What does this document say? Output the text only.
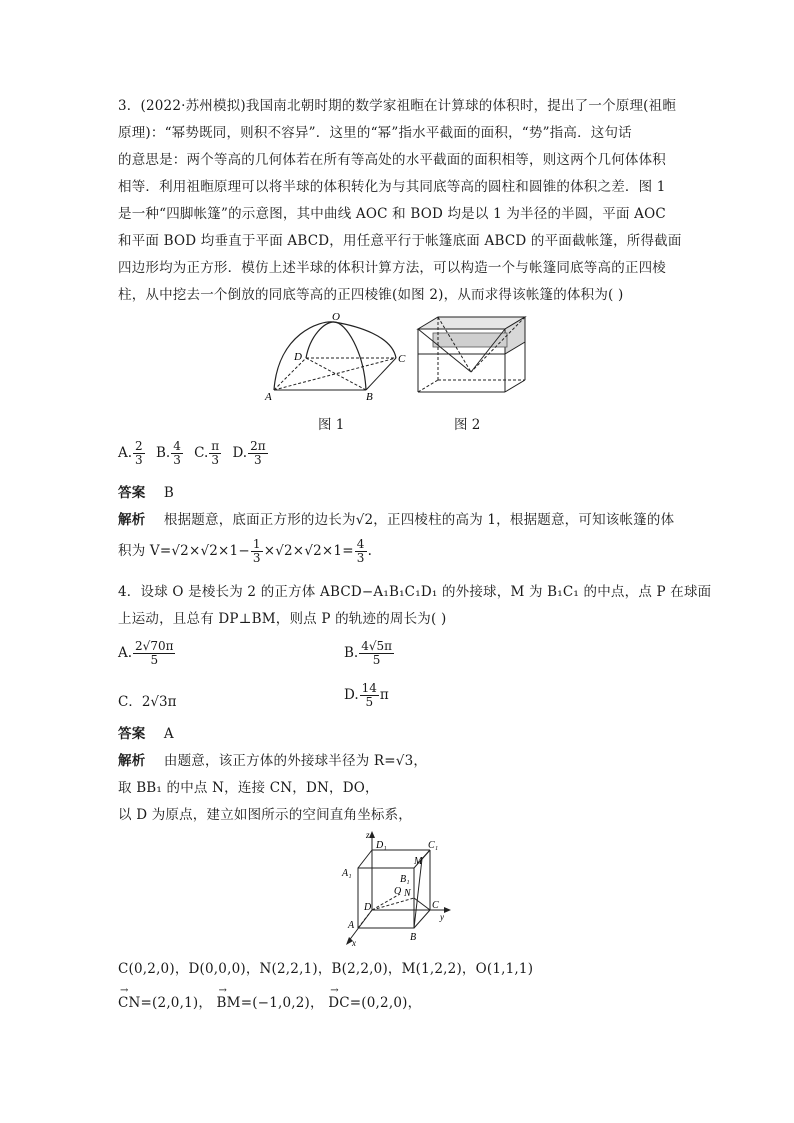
3．(2022·苏州模拟)我国南北朝时期的数学家祖暅在计算球的体积时，提出了一个原理(祖暅
原理)：“幂势既同，则积不容异”．这里的“幂”指水平截面的面积，“势”指高．这句话
的意思是：两个等高的几何体若在所有等高处的水平截面的面积相等，则这两个几何体体积
相等．利用祖暅原理可以将半球的体积转化为与其同底等高的圆柱和圆锥的体积之差．图 1
是一种“四脚帐篷”的示意图，其中曲线 AOC 和 BOD 均是以 1 为半径的半圆，平面 AOC
和平面 BOD 均垂直于平面 ABCD，用任意平行于帐篷底面 ABCD 的平面截帐篷，所得截面
四边形均为正方形．模仿上述半球的体积计算方法，可以构造一个与帐篷同底等高的正四棱
柱，从中挖去一个倒放的同底等高的正四棱锥(如图 2)，从而求得该帐篷的体积为( )
O
D	C
A	B
图 1	图 2
A. $\frac{2}{3} B$. $\frac{4}{3} C$. $\frac{\pi}{3} D$. $\frac{2\pi}{3}$
答案 B
解析 根据题意，底面正方形的边长为√2，正四棱柱的高为 1，根据题意，可知该帐篷的体
积为 $V=√2\times√2\times 1- \frac{1}{3} \times√2\times√2\times 1= \frac{4}{3}$ .
4．设球 O 是棱长为 2 的正方体 ABCD−A₁B₁C₁D₁ 的外接球，M 为 B₁C₁ 的中点，点 P 在球面
上运动，且总有 DP⊥BM，则点 P 的轨迹的周长为( )
A. $\frac{2√70\pi}{5}$	B. $\frac{4√5\pi}{5}$
C．2√3π	D. $\frac{14}{5}$ π
答案 A
解析 由题意，该正方体的外接球半径为 R=√3，
取 BB₁ 的中点 N，连接 CN，DN，DO，
以 D 为原点，建立如图所示的空间直角坐标系，
z
D₁	C₁
M
A₁
B₁
O N
D	C
y
A
B
x
C(0,2,0)，D(0,0,0)，N(2,2,1)，B(2,2,0)，M(1,2,2)，O(1,1,1)
→ CN=(2,0,1)， → BM=(−1,0,2)， → DC=(0,2,0)，
